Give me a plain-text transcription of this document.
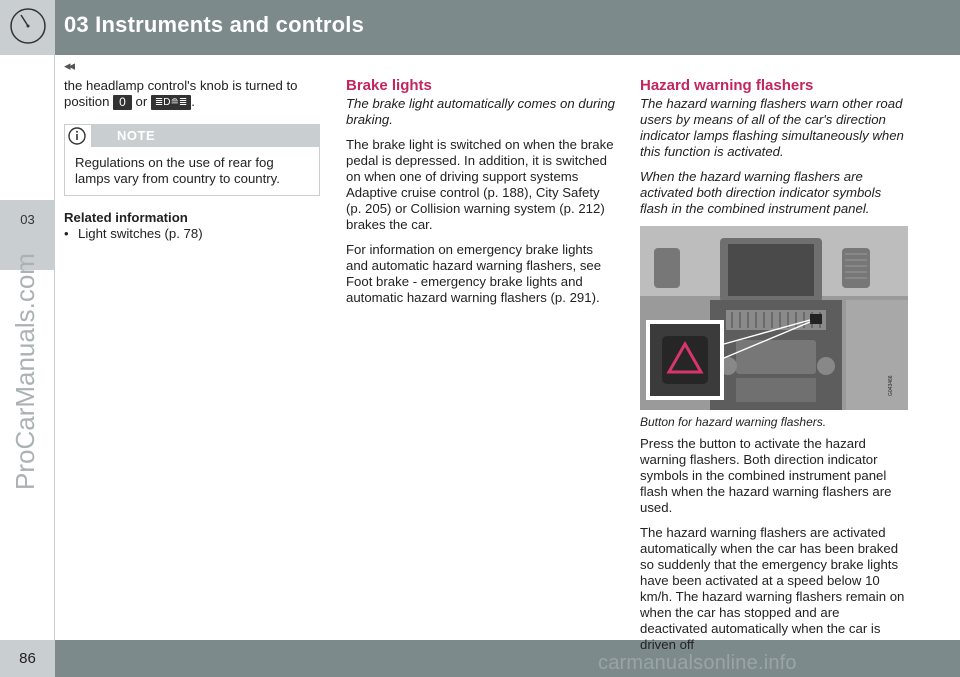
03 Instruments and controls
◂◂
03
ProCarManuals.com
86	carmanualsonline.info
the headlamp control's knob is turned to
position 0 or ≣D≘≣ .
NOTE
Regulations on the use of rear fog lamps vary from country to country.
Related information
• Light switches (p. 78)
Brake lights
The brake light automatically comes on during braking.

The brake light is switched on when the brake pedal is depressed. In addition, it is switched on when one of driving support systems Adaptive cruise control (p. 188), City Safety (p. 205) or Collision warning system (p. 212) brakes the car.

For information on emergency brake lights and automatic hazard warning flashers, see Foot brake - emergency brake lights and automatic hazard warning flashers (p. 291).

Hazard warning flashers
The hazard warning flashers warn other road users by means of all of the car's direction indicator lamps flashing simultaneously when this function is activated.
When the hazard warning flashers are activated both direction indicator symbols flash in the combined instrument panel.
G043466
Button for hazard warning flashers.

Press the button to activate the hazard warning flashers. Both direction indicator symbols in the combined instrument panel flash when the hazard warning flashers are used.

The hazard warning flashers are activated automatically when the car has been braked so suddenly that the emergency brake lights have been activated at a speed below 10 km/h. The hazard warning flashers remain on when the car has stopped and are deactivated automatically when the car is driven off
